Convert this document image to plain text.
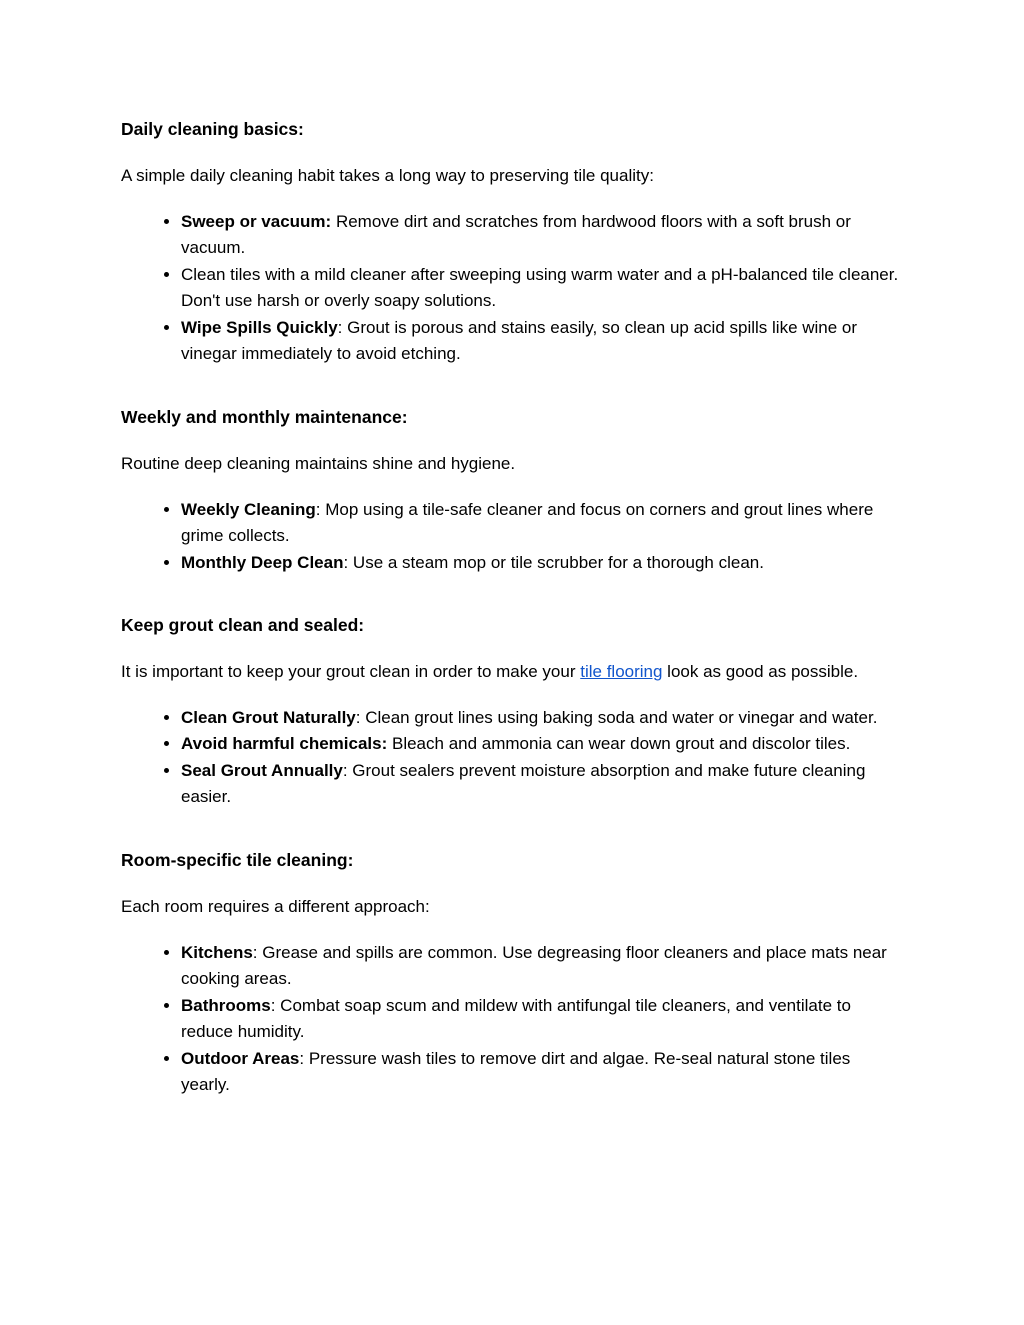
Daily cleaning basics:

A simple daily cleaning habit takes a long way to preserving tile quality:

• Sweep or vacuum: Remove dirt and scratches from hardwood floors with a soft brush or vacuum.
• Clean tiles with a mild cleaner after sweeping using warm water and a pH-balanced tile cleaner. Don't use harsh or overly soapy solutions.
• Wipe Spills Quickly: Grout is porous and stains easily, so clean up acid spills like wine or vinegar immediately to avoid etching.
Weekly and monthly maintenance:

Routine deep cleaning maintains shine and hygiene.

• Weekly Cleaning: Mop using a tile-safe cleaner and focus on corners and grout lines where grime collects.
• Monthly Deep Clean: Use a steam mop or tile scrubber for a thorough clean.
Keep grout clean and sealed:

It is important to keep your grout clean in order to make your tile flooring look as good as possible.

• Clean Grout Naturally: Clean grout lines using baking soda and water or vinegar and water.
• Avoid harmful chemicals: Bleach and ammonia can wear down grout and discolor tiles.
• Seal Grout Annually: Grout sealers prevent moisture absorption and make future cleaning easier.
Room-specific tile cleaning:

Each room requires a different approach:

• Kitchens: Grease and spills are common. Use degreasing floor cleaners and place mats near cooking areas.
• Bathrooms: Combat soap scum and mildew with antifungal tile cleaners, and ventilate to reduce humidity.
• Outdoor Areas: Pressure wash tiles to remove dirt and algae. Re-seal natural stone tiles yearly.
